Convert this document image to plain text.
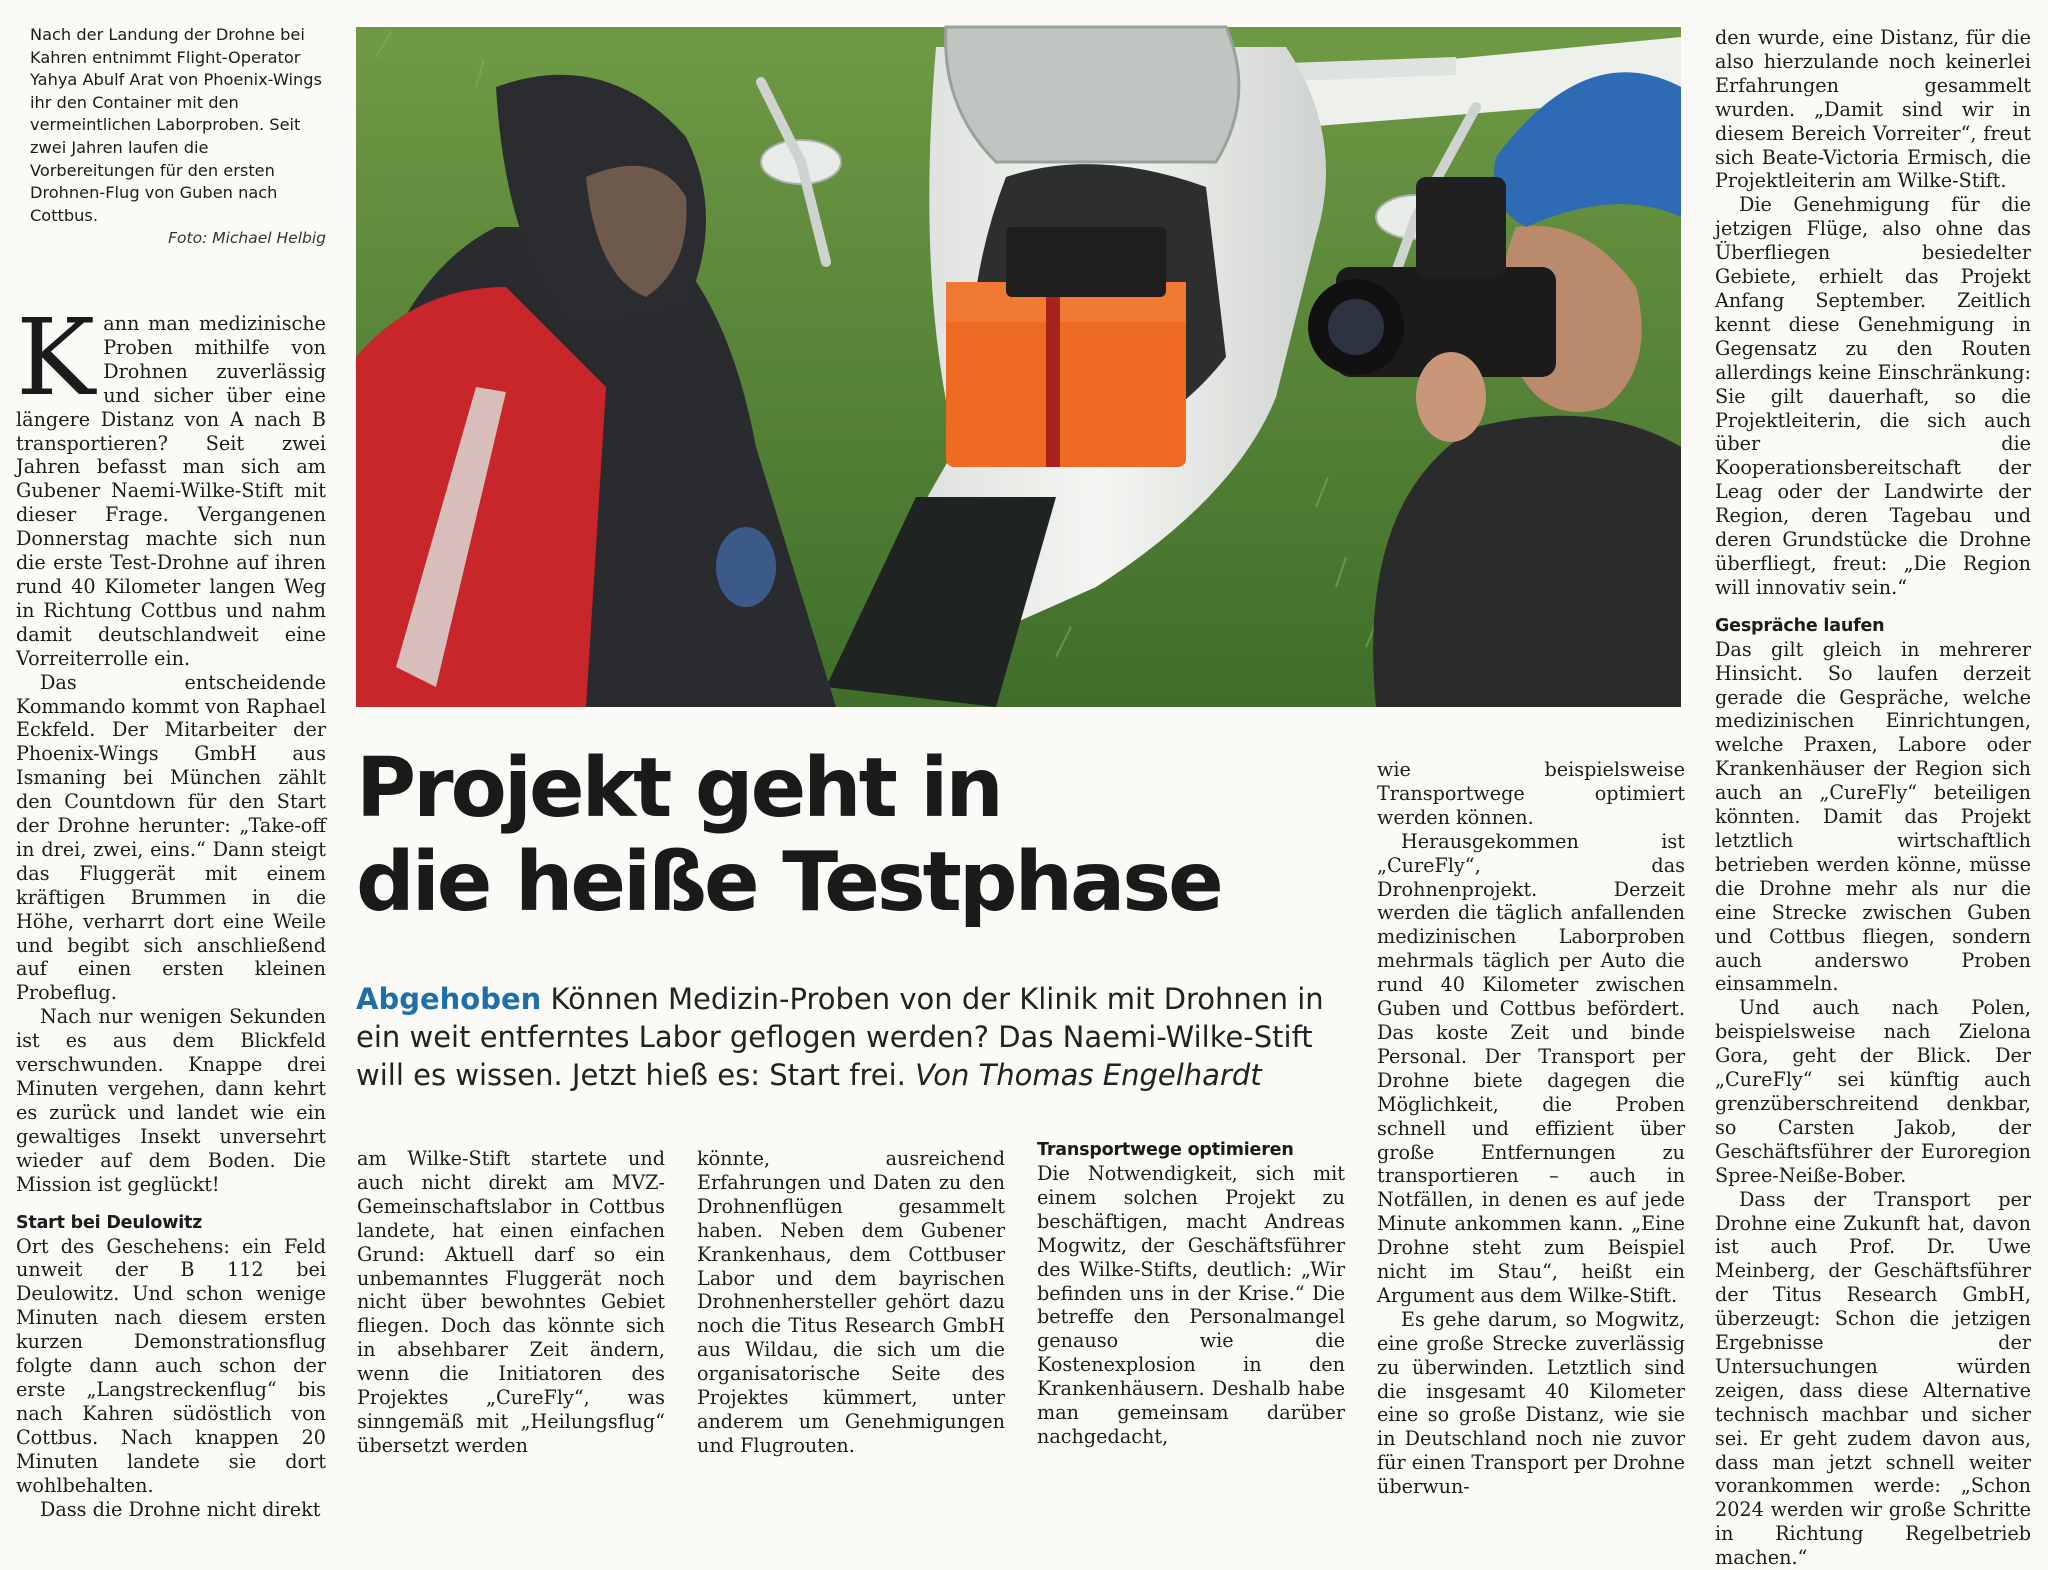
Nach der Landung der Drohne bei Kahren entnimmt Flight-Operator Yahya Abulf Arat von Phoenix-Wings ihr den Container mit den vermeintlichen Laborproben. Seit zwei Jahren laufen die Vorbereitungen für den ersten Drohnen-Flug von Guben nach Cottbus.
Foto: Michael Helbig

Kann man medizinische Proben mithilfe von Drohnen zuverlässig und sicher über eine längere Distanz von A nach B transportieren? Seit zwei Jahren befasst man sich am Gubener Naemi-Wilke-Stift mit dieser Frage. Vergangenen Donnerstag machte sich nun die erste Test-Drohne auf ihren rund 40 Kilometer langen Weg in Richtung Cottbus und nahm damit deutschlandweit eine Vorreiterrolle ein.

Das entscheidende Kommando kommt von Raphael Eckfeld. Der Mitarbeiter der Phoenix-Wings GmbH aus Ismaning bei München zählt den Countdown für den Start der Drohne herunter: „Take-off in drei, zwei, eins.“ Dann steigt das Fluggerät mit einem kräftigen Brummen in die Höhe, verharrt dort eine Weile und begibt sich anschließend auf einen ersten kleinen Probeflug.

Nach nur wenigen Sekunden ist es aus dem Blickfeld verschwunden. Knappe drei Minuten vergehen, dann kehrt es zurück und landet wie ein gewaltiges Insekt unversehrt wieder auf dem Boden. Die Mission ist geglückt!

Start bei Deulowitz

Ort des Geschehens: ein Feld unweit der B 112 bei Deulowitz. Und schon wenige Minuten nach diesem ersten kurzen Demonstrationsflug folgte dann auch schon der erste „Langstreckenflug“ bis nach Kahren südöstlich von Cottbus. Nach knappen 20 Minuten landete sie dort wohlbehalten.

Dass die Drohne nicht direkt

Projekt geht in
die heiße Testphase
Abgehoben Können Medizin-Proben von der Klinik mit Drohnen in ein weit entferntes Labor geflogen werden? Das Naemi-Wilke-Stift will es wissen. Jetzt hieß es: Start frei. Von Thomas Engelhardt

am Wilke-Stift startete und auch nicht direkt am MVZ-Gemeinschaftslabor in Cottbus landete, hat einen einfachen Grund: Aktuell darf so ein unbemanntes Fluggerät noch nicht über bewohntes Gebiet fliegen. Doch das könnte sich in absehbarer Zeit ändern, wenn die Initiatoren des Projektes „CureFly“, was sinngemäß mit „Heilungsflug“ übersetzt werden

könnte, ausreichend Erfahrungen und Daten zu den Drohnenflügen gesammelt haben. Neben dem Gubener Krankenhaus, dem Cottbuser Labor und dem bayrischen Drohnenhersteller gehört dazu noch die Titus Research GmbH aus Wildau, die sich um die organisatorische Seite des Projektes kümmert, unter anderem um Genehmigungen und Flugrouten.

Transportwege optimieren

Die Notwendigkeit, sich mit einem solchen Projekt zu beschäftigen, macht Andreas Mogwitz, der Geschäftsführer des Wilke-Stifts, deutlich: „Wir befinden uns in der Krise.“ Die betreffe den Personalmangel genauso wie die Kostenexplosion in den Krankenhäusern. Deshalb habe man gemeinsam darüber nachgedacht,

wie beispielsweise Transportwege optimiert werden können.

Herausgekommen ist „CureFly“, das Drohnenprojekt. Derzeit werden die täglich anfallenden medizinischen Laborproben mehrmals täglich per Auto die rund 40 Kilometer zwischen Guben und Cottbus befördert. Das koste Zeit und binde Personal. Der Transport per Drohne biete dagegen die Möglichkeit, die Proben schnell und effizient über große Entfernungen zu transportieren – auch in Notfällen, in denen es auf jede Minute ankommen kann. „Eine Drohne steht zum Beispiel nicht im Stau“, heißt ein Argument aus dem Wilke-Stift.

Es gehe darum, so Mogwitz, eine große Strecke zuverlässig zu überwinden. Letztlich sind die insgesamt 40 Kilometer eine so große Distanz, wie sie in Deutschland noch nie zuvor für einen Transport per Drohne überwun-

den wurde, eine Distanz, für die also hierzulande noch keinerlei Erfahrungen gesammelt wurden. „Damit sind wir in diesem Bereich Vorreiter“, freut sich Beate-Victoria Ermisch, die Projektleiterin am Wilke-Stift.

Die Genehmigung für die jetzigen Flüge, also ohne das Überfliegen besiedelter Gebiete, erhielt das Projekt Anfang September. Zeitlich kennt diese Genehmigung in Gegensatz zu den Routen allerdings keine Einschränkung: Sie gilt dauerhaft, so die Projektleiterin, die sich auch über die Kooperationsbereitschaft der Leag oder der Landwirte der Region, deren Tagebau und deren Grundstücke die Drohne überfliegt, freut: „Die Region will innovativ sein.“

Gespräche laufen

Das gilt gleich in mehrerer Hinsicht. So laufen derzeit gerade die Gespräche, welche medizinischen Einrichtungen, welche Praxen, Labore oder Krankenhäuser der Region sich auch an „CureFly“ beteiligen könnten. Damit das Projekt letztlich wirtschaftlich betrieben werden könne, müsse die Drohne mehr als nur die eine Strecke zwischen Guben und Cottbus fliegen, sondern auch anderswo Proben einsammeln.

Und auch nach Polen, beispielsweise nach Zielona Gora, geht der Blick. Der „CureFly“ sei künftig auch grenzüberschreitend denkbar, so Carsten Jakob, der Geschäftsführer der Euroregion Spree-Neiße-Bober.

Dass der Transport per Drohne eine Zukunft hat, davon ist auch Prof. Dr. Uwe Meinberg, der Geschäftsführer der Titus Research GmbH, überzeugt: Schon die jetzigen Ergebnisse der Untersuchungen würden zeigen, dass diese Alternative technisch machbar und sicher sei. Er geht zudem davon aus, dass man jetzt schnell weiter vorankommen werde: „Schon 2024 werden wir große Schritte in Richtung Regelbetrieb machen.“
